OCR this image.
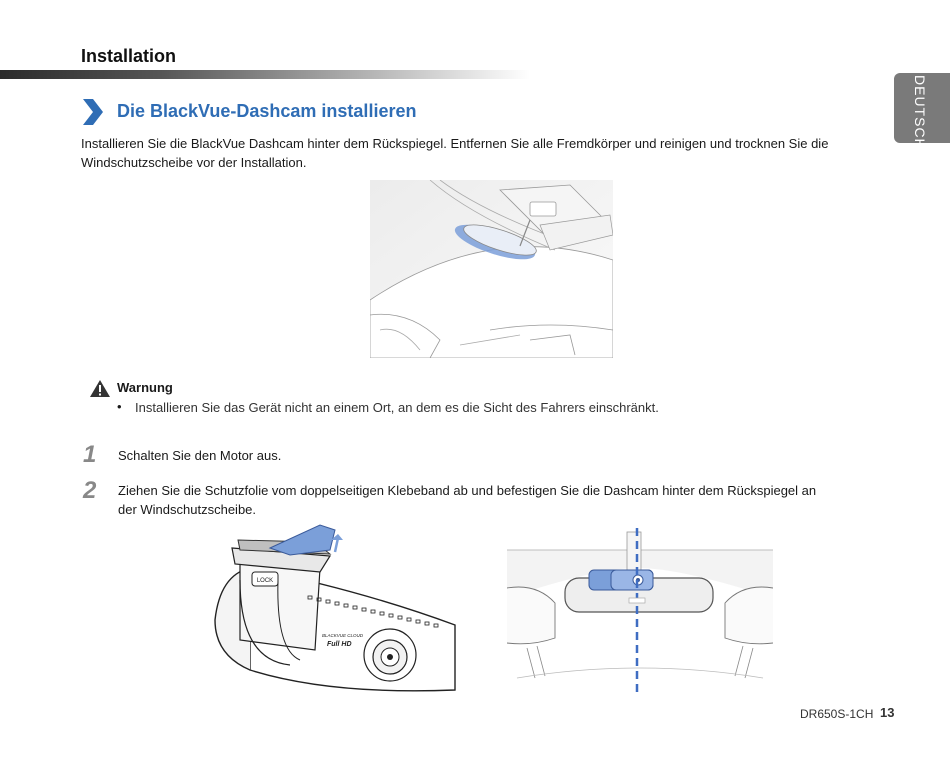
Installation
DEUTSCH
Die BlackVue-Dashcam installieren
Installieren Sie die BlackVue Dashcam hinter dem Rückspiegel. Entfernen Sie alle Fremdkörper und reinigen und trocknen Sie die Windschutzscheibe vor der Installation.
Warnung
• Installieren Sie das Gerät nicht an einem Ort, an dem es die Sicht des Fahrers einschränkt.
1 Schalten Sie den Motor aus.
2 Ziehen Sie die Schutzfolie vom doppelseitigen Klebeband ab und befestigen Sie die Dashcam hinter dem Rückspiegel an der Windschutzscheibe.
LOCK
BLACKVUE CLOUD
Full HD
DR650S-1CH 13
